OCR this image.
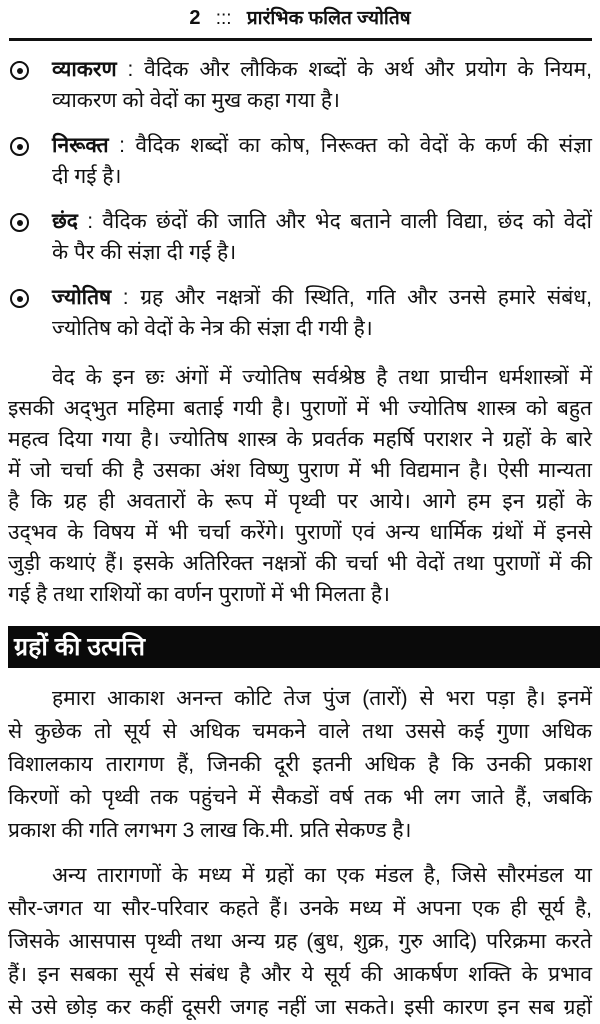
2 ::: प्रारंभिक फलित ज्योतिष
व्याकरण : वैदिक और लौकिक शब्दों के अर्थ और प्रयोग के नियम,
व्याकरण को वेदों का मुख कहा गया है।
निरूक्त : वैदिक शब्दों का कोष, निरूक्त को वेदों के कर्ण की संज्ञा
दी गई है।
छंद : वैदिक छंदों की जाति और भेद बताने वाली विद्या, छंद को वेदों
के पैर की संज्ञा दी गई है।
ज्योतिष : ग्रह और नक्षत्रों की स्थिति, गति और उनसे हमारे संबंध,
ज्योतिष को वेदों के नेत्र की संज्ञा दी गयी है।
वेद के इन छः अंगों में ज्योतिष सर्वश्रेष्ठ है तथा प्राचीन धर्मशास्त्रों में
इसकी अद्‌भुत महिमा बताई गयी है। पुराणों में भी ज्योतिष शास्त्र को बहुत
महत्व दिया गया है। ज्योतिष शास्त्र के प्रवर्तक महर्षि पराशर ने ग्रहों के बारे
में जो चर्चा की है उसका अंश विष्णु पुराण में भी विद्यमान है। ऐसी मान्यता
है कि ग्रह ही अवतारों के रूप में पृथ्वी पर आये। आगे हम इन ग्रहों के
उद्‌भव के विषय में भी चर्चा करेंगे। पुराणों एवं अन्य धार्मिक ग्रंथों में इनसे
जुड़ी कथाएं हैं। इसके अतिरिक्त नक्षत्रों की चर्चा भी वेदों तथा पुराणों में की
गई है तथा राशियों का वर्णन पुराणों में भी मिलता है।
ग्रहों की उत्पत्ति
हमारा आकाश अनन्त कोटि तेज पुंज (तारों) से भरा पड़ा है। इनमें
से कुछेक तो सूर्य से अधिक चमकने वाले तथा उससे कई गुणा अधिक
विशालकाय तारागण हैं, जिनकी दूरी इतनी अधिक है कि उनकी प्रकाश
किरणों को पृथ्वी तक पहुंचने में सैकडों वर्ष तक भी लग जाते हैं, जबकि
प्रकाश की गति लगभग 3 लाख कि.मी. प्रति सेकण्ड है।
अन्य तारागणों के मध्य में ग्रहों का एक मंडल है, जिसे सौरमंडल या
सौर-जगत या सौर-परिवार कहते हैं। उनके मध्य में अपना एक ही सूर्य है,
जिसके आसपास पृथ्वी तथा अन्य ग्रह (बुध, शुक्र, गुरु आदि) परिक्रमा करते
हैं। इन सबका सूर्य से संबंध है और ये सूर्य की आकर्षण शक्ति के प्रभाव
से उसे छोड़ कर कहीं दूसरी जगह नहीं जा सकते। इसी कारण इन सब ग्रहों
